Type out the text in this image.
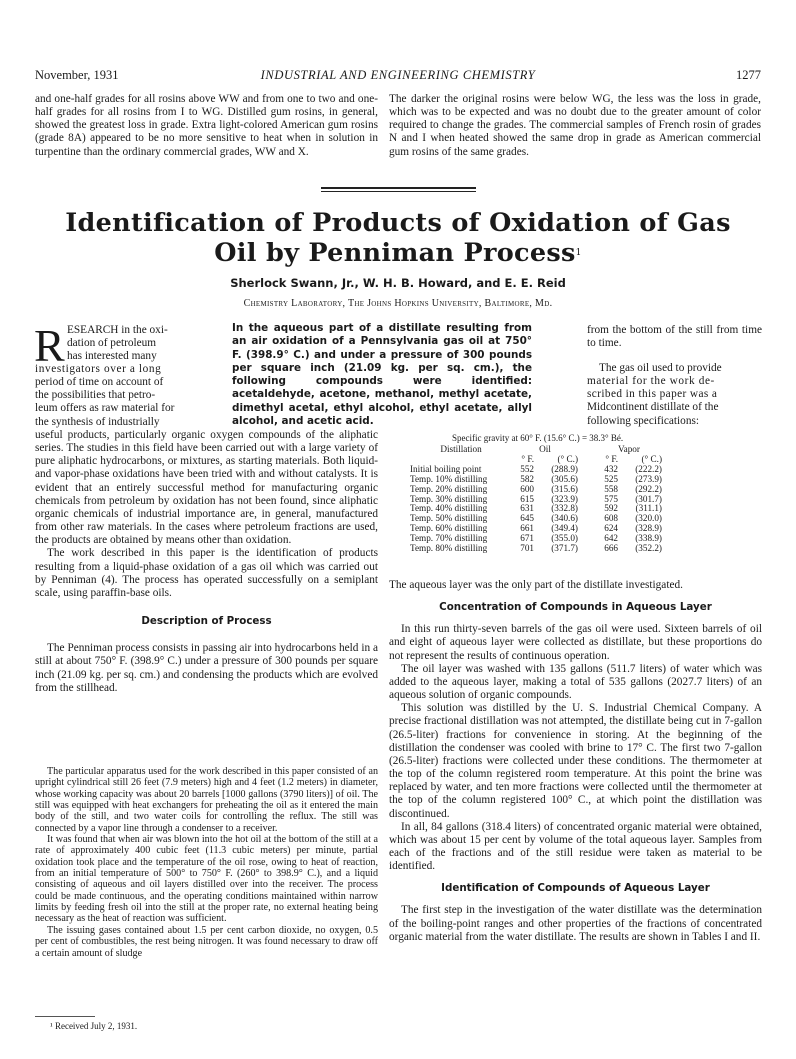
November, 1931	INDUSTRIAL AND ENGINEERING CHEMISTRY	1277

and one-half grades for all rosins above WW and from one to two and one-half grades for all rosins from I to WG. Distilled gum rosins, in general, showed the greatest loss in grade. Extra light-colored American gum rosins (grade 8A) appeared to be no more sensitive to heat when in solution in turpentine than the ordinary commercial grades, WW and X.

The darker the original rosins were below WG, the less was the loss in grade, which was to be expected and was no doubt due to the greater amount of color required to change the grades. The commercial samples of French rosin of grades N and I when heated showed the same drop in grade as American commercial gum rosins of the same grades.

Identification of Products of Oxidation of Gas
Oil by Penniman Process$^1$
Sherlock Swann, Jr., W. H. B. Howard, and E. E. Reid
Chemistry Laboratory, The Johns Hopkins University, Baltimore, Md.
In the aqueous part of a distillate resulting from an air oxidation of a Pennsylvania gas oil at 750° F. (398.9° C.) and under a pressure of 300 pounds per square inch (21.09 kg. per sq. cm.), the following compounds were identified: acetaldehyde, acetone, methanol, methyl acetate, dimethyl acetal, ethyl alcohol, ethyl acetate, allyl alcohol, and acetic acid.
R ESEARCH in the oxi-
dation of petroleum
has interested many
investigators over a long
period of time on account of
the possibilities that petro-
leum offers as raw material for
the synthesis of industrially

useful products, particularly organic oxygen compounds of the aliphatic series. The studies in this field have been carried out with a large variety of pure aliphatic hydrocarbons, or mixtures, as starting materials. Both liquid- and vapor-phase oxidations have been tried with and without catalysts. It is evident that an entirely successful method for manufacturing organic chemicals from petroleum by oxidation has not been found, since aliphatic organic chemicals of industrial importance are, in general, manufactured from other raw materials. In the cases where petroleum fractions are used, the products are obtained by means other than oxidation.

The work described in this paper is the identification of products resulting from a liquid-phase oxidation of a gas oil which was carried out by Penniman (4). The process has operated successfully on a semiplant scale, using paraffin-base oils.

Description of Process

The Penniman process consists in passing air into hydrocarbons held in a still at about 750° F. (398.9° C.) under a pressure of 300 pounds per square inch (21.09 kg. per sq. cm.) and condensing the products which are evolved from the stillhead.

The particular apparatus used for the work described in this paper consisted of an upright cylindrical still 26 feet (7.9 meters) high and 4 feet (1.2 meters) in diameter, whose working capacity was about 20 barrels [1000 gallons (3790 liters)] of oil. The still was equipped with heat exchangers for preheating the oil as it entered the main body of the still, and two water coils for controlling the reflux. The still was connected by a vapor line through a condenser to a receiver.

It was found that when air was blown into the hot oil at the bottom of the still at a rate of approximately 400 cubic feet (11.3 cubic meters) per minute, partial oxidation took place and the temperature of the oil rose, owing to heat of reaction, from an initial temperature of 500° to 750° F. (260° to 398.9° C.), and a liquid consisting of aqueous and oil layers distilled over into the receiver. The process could be made continuous, and the operating conditions maintained within narrow limits by feeding fresh oil into the still at the proper rate, no external heating being necessary as the heat of reaction was sufficient.

The issuing gases contained about 1.5 per cent carbon dioxide, no oxygen, 0.5 per cent of combustibles, the rest being nitrogen. It was found necessary to draw off a certain amount of sludge

¹ Received July 2, 1931.

from the bottom of the still from time to time.

The gas oil used to provide
material for the work de-
scribed in this paper was a
Midcontinent distillate of the
following specifications:
Specific gravity at 60° F. (15.6° C.) = 38.3° Bé.
Distillation	Oil			Vapor	
	° F.	(° C.)		° F.	(° C.)
Initial boiling point	552	(288.9)		432	(222.2)
Temp. 10% distilling	582	(305.6)		525	(273.9)
Temp. 20% distilling	600	(315.6)		558	(292.2)
Temp. 30% distilling	615	(323.9)		575	(301.7)
Temp. 40% distilling	631	(332.8)		592	(311.1)
Temp. 50% distilling	645	(340.6)		608	(320.0)
Temp. 60% distilling	661	(349.4)		624	(328.9)
Temp. 70% distilling	671	(355.0)		642	(338.9)
Temp. 80% distilling	701	(371.7)		666	(352.2)

The aqueous layer was the only part of the distillate investigated.

Concentration of Compounds in Aqueous Layer

In this run thirty-seven barrels of the gas oil were used. Sixteen barrels of oil and eight of aqueous layer were collected as distillate, but these proportions do not represent the results of continuous operation.

The oil layer was washed with 135 gallons (511.7 liters) of water which was added to the aqueous layer, making a total of 535 gallons (2027.7 liters) of an aqueous solution of organic compounds.

This solution was distilled by the U. S. Industrial Chemical Company. A precise fractional distillation was not attempted, the distillate being cut in 7-gallon (26.5-liter) fractions for convenience in storing. At the beginning of the distillation the condenser was cooled with brine to 17° C. The first two 7-gallon (26.5-liter) fractions were collected under these conditions. The thermometer at the top of the column registered room temperature. At this point the brine was replaced by water, and ten more fractions were collected until the thermometer at the top of the column registered 100° C., at which point the distillation was discontinued.

In all, 84 gallons (318.4 liters) of concentrated organic material were obtained, which was about 15 per cent by volume of the total aqueous layer. Samples from each of the fractions and of the still residue were taken as material to be identified.

Identification of Compounds of Aqueous Layer

The first step in the investigation of the water distillate was the determination of the boiling-point ranges and other properties of the fractions of concentrated organic material from the water distillate. The results are shown in Tables I and II.
